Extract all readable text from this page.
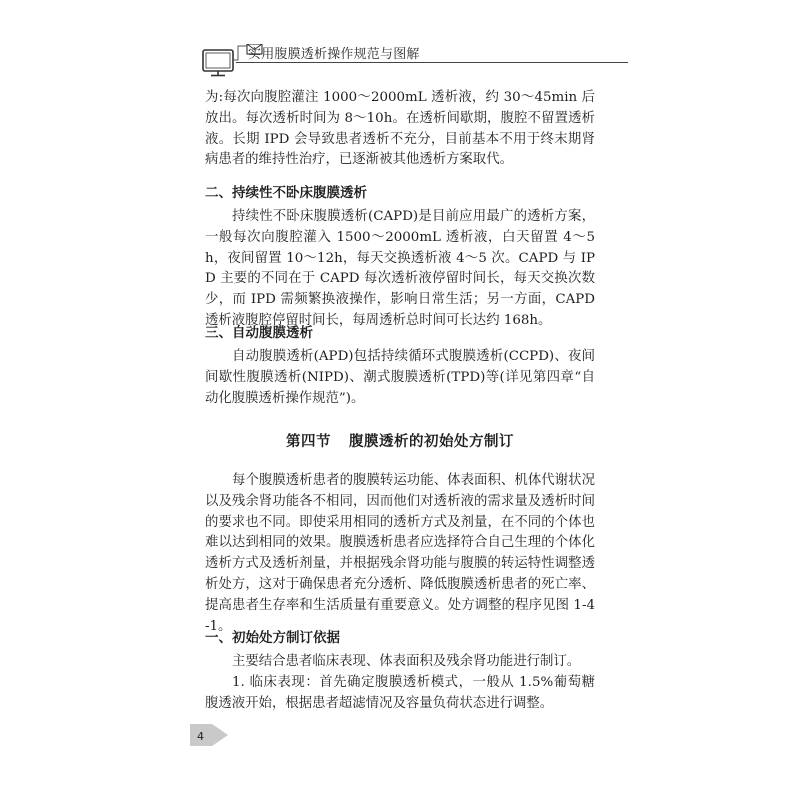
实用腹膜透析操作规范与图解
为:每次向腹腔灌注 1000～2000mL 透析液，约 30～45min 后放出。每次透析时间为 8～10h。在透析间歇期，腹腔不留置透析液。长期 IPD 会导致患者透析不充分，目前基本不用于终末期肾病患者的维持性治疗，已逐渐被其他透析方案取代。
二、持续性不卧床腹膜透析
持续性不卧床腹膜透析(CAPD)是目前应用最广的透析方案，一般每次向腹腔灌入 1500～2000mL 透析液，白天留置 4～5h，夜间留置 10～12h，每天交换透析液 4～5 次。CAPD 与 IPD 主要的不同在于 CAPD 每次透析液停留时间长，每天交换次数少，而 IPD 需频繁换液操作，影响日常生活；另一方面，CAPD 透析液腹腔停留时间长，每周透析总时间可长达约 168h。
三、自动腹膜透析
自动腹膜透析(APD)包括持续循环式腹膜透析(CCPD)、夜间间歇性腹膜透析(NIPD)、潮式腹膜透析(TPD)等(详见第四章“自动化腹膜透析操作规范”)。
第四节 腹膜透析的初始处方制订
每个腹膜透析患者的腹膜转运功能、体表面积、机体代谢状况以及残余肾功能各不相同，因而他们对透析液的需求量及透析时间的要求也不同。即使采用相同的透析方式及剂量，在不同的个体也难以达到相同的效果。腹膜透析患者应选择符合自己生理的个体化透析方式及透析剂量，并根据残余肾功能与腹膜的转运特性调整透析处方，这对于确保患者充分透析、降低腹膜透析患者的死亡率、提高患者生存率和生活质量有重要意义。处方调整的程序见图 1-4-1。
一、初始处方制订依据
主要结合患者临床表现、体表面积及残余肾功能进行制订。
1. 临床表现：首先确定腹膜透析模式，一般从 1.5%葡萄糖腹透液开始，根据患者超滤情况及容量负荷状态进行调整。
4
